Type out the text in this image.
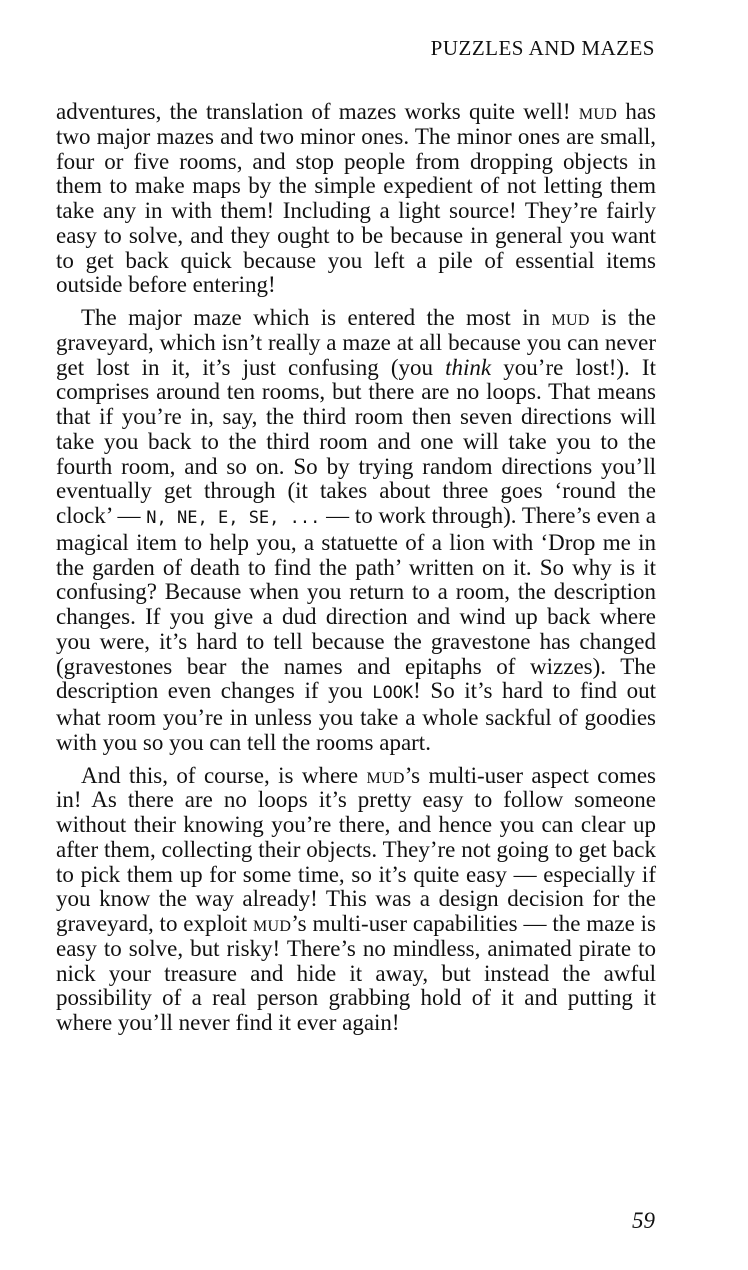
PUZZLES AND MAZES

adventures, the translation of mazes works quite well! mud has two major mazes and two minor ones. The minor ones are small, four or five rooms, and stop people from dropping objects in them to make maps by the simple expedient of not letting them take any in with them! Including a light source! They’re fairly easy to solve, and they ought to be because in general you want to get back quick because you left a pile of essential items outside before entering!

The major maze which is entered the most in mud is the graveyard, which isn’t really a maze at all because you can never get lost in it, it’s just confusing (you think you’re lost!). It comprises around ten rooms, but there are no loops. That means that if you’re in, say, the third room then seven directions will take you back to the third room and one will take you to the fourth room, and so on. So by trying random directions you’ll eventually get through (it takes about three goes ‘round the clock’ — N, NE, E, SE, ... — to work through). There’s even a magical item to help you, a statuette of a lion with ‘Drop me in the garden of death to find the path’ written on it. So why is it confusing? Because when you return to a room, the description changes. If you give a dud direction and wind up back where you were, it’s hard to tell because the gravestone has changed (gravestones bear the names and epitaphs of wizzes). The description even changes if you LOOK! So it’s hard to find out what room you’re in unless you take a whole sackful of goodies with you so you can tell the rooms apart.

And this, of course, is where mud’s multi-user aspect comes in! As there are no loops it’s pretty easy to follow someone without their knowing you’re there, and hence you can clear up after them, collecting their objects. They’re not going to get back to pick them up for some time, so it’s quite easy — especially if you know the way already! This was a design decision for the graveyard, to exploit mud’s multi-user capabilities — the maze is easy to solve, but risky! There’s no mindless, animated pirate to nick your treasure and hide it away, but instead the awful possibility of a real person grabbing hold of it and putting it where you’ll never find it ever again!

59
